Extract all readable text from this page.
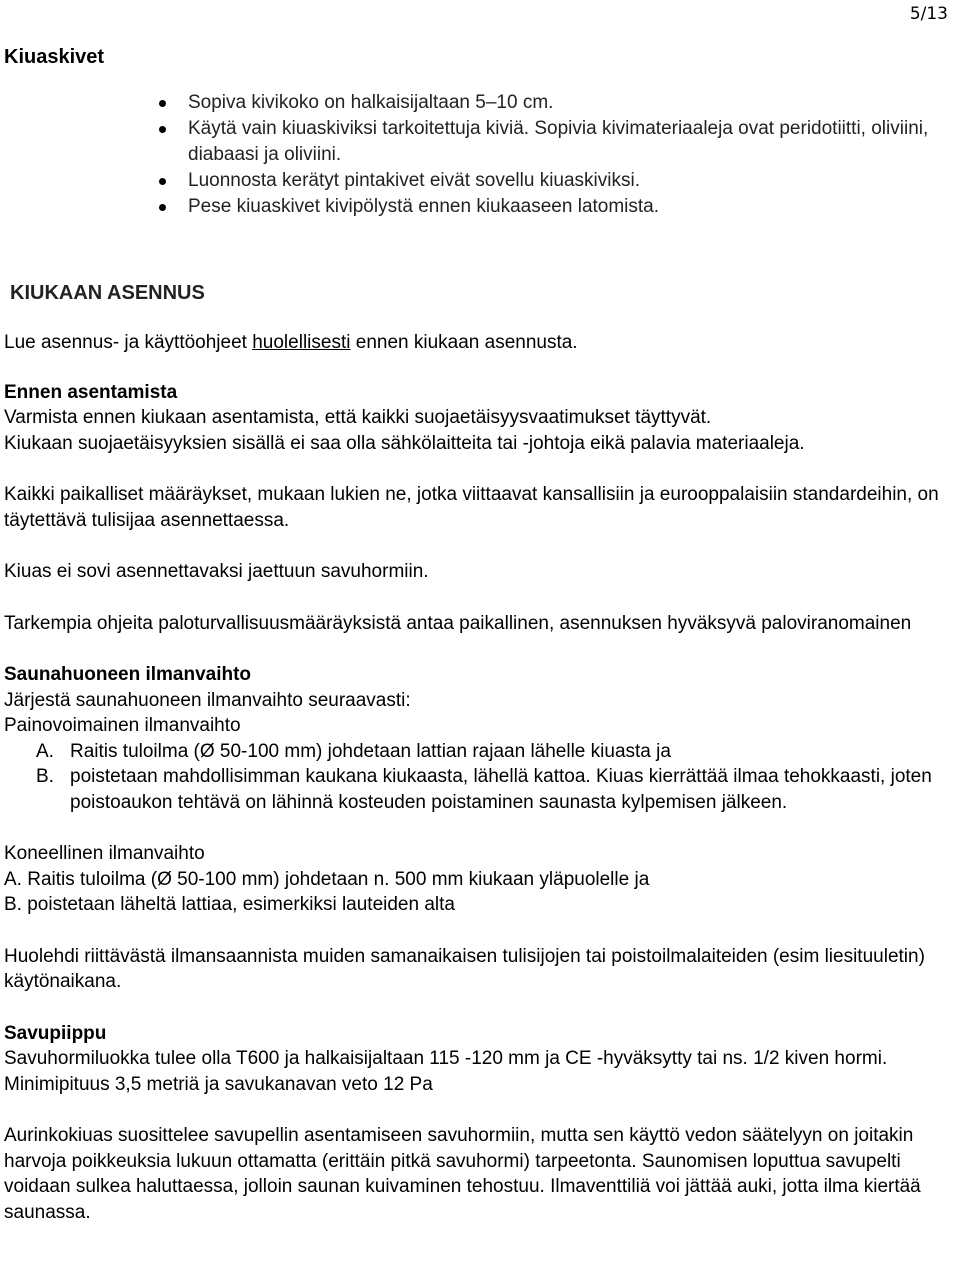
5/13
Kiuaskivet
Sopiva kivikoko on halkaisijaltaan 5–10 cm.
Käytä vain kiuaskiviksi tarkoitettuja kiviä. Sopivia kivimateriaaleja ovat peridotiitti, oliviini, diabaasi ja oliviini.
Luonnosta kerätyt pintakivet eivät sovellu kiuaskiviksi.
Pese kiuaskivet kivipölystä ennen kiukaaseen latomista.
KIUKAAN ASENNUS

Lue asennus- ja käyttöohjeet huolellisesti ennen kiukaan asennusta.

Ennen asentamista

Varmista ennen kiukaan asentamista, että kaikki suojaetäisyysvaatimukset täyttyvät.

Kiukaan suojaetäisyyksien sisällä ei saa olla sähkölaitteita tai -johtoja eikä palavia materiaaleja.

Kaikki paikalliset määräykset, mukaan lukien ne, jotka viittaavat kansallisiin ja eurooppalaisiin standardeihin, on täytettävä tulisijaa asennettaessa.

Kiuas ei sovi asennettavaksi jaettuun savuhormiin.

Tarkempia ohjeita paloturvallisuusmääräyksistä antaa paikallinen, asennuksen hyväksyvä paloviranomainen

Saunahuoneen ilmanvaihto

Järjestä saunahuoneen ilmanvaihto seuraavasti:

Painovoimainen ilmanvaihto

A. Raitis tuloilma (Ø 50-100 mm) johdetaan lattian rajaan lähelle kiuasta ja
B. poistetaan mahdollisimman kaukana kiukaasta, lähellä kattoa. Kiuas kierrättää ilmaa tehokkaasti, joten poistoaukon tehtävä on lähinnä kosteuden poistaminen saunasta kylpemisen jälkeen.

Koneellinen ilmanvaihto

A. Raitis tuloilma (Ø 50-100 mm) johdetaan n. 500 mm kiukaan yläpuolelle ja

B. poistetaan läheltä lattiaa, esimerkiksi lauteiden alta

Huolehdi riittävästä ilmansaannista muiden samanaikaisen tulisijojen tai poistoilmalaiteiden (esim liesituuletin) käytönaikana.

Savupiippu

Savuhormiluokka tulee olla T600 ja halkaisijaltaan 115 -120 mm ja CE -hyväksytty tai ns. 1/2 kiven hormi. Minimipituus 3,5 metriä ja savukanavan veto 12 Pa

Aurinkokiuas suosittelee savupellin asentamiseen savuhormiin, mutta sen käyttö vedon säätelyyn on joitakin harvoja poikkeuksia lukuun ottamatta (erittäin pitkä savuhormi) tarpeetonta. Saunomisen loputtua savupelti voidaan sulkea haluttaessa, jolloin saunan kuivaminen tehostuu. Ilmaventtiliä voi jättää auki, jotta ilma kiertää saunassa.
